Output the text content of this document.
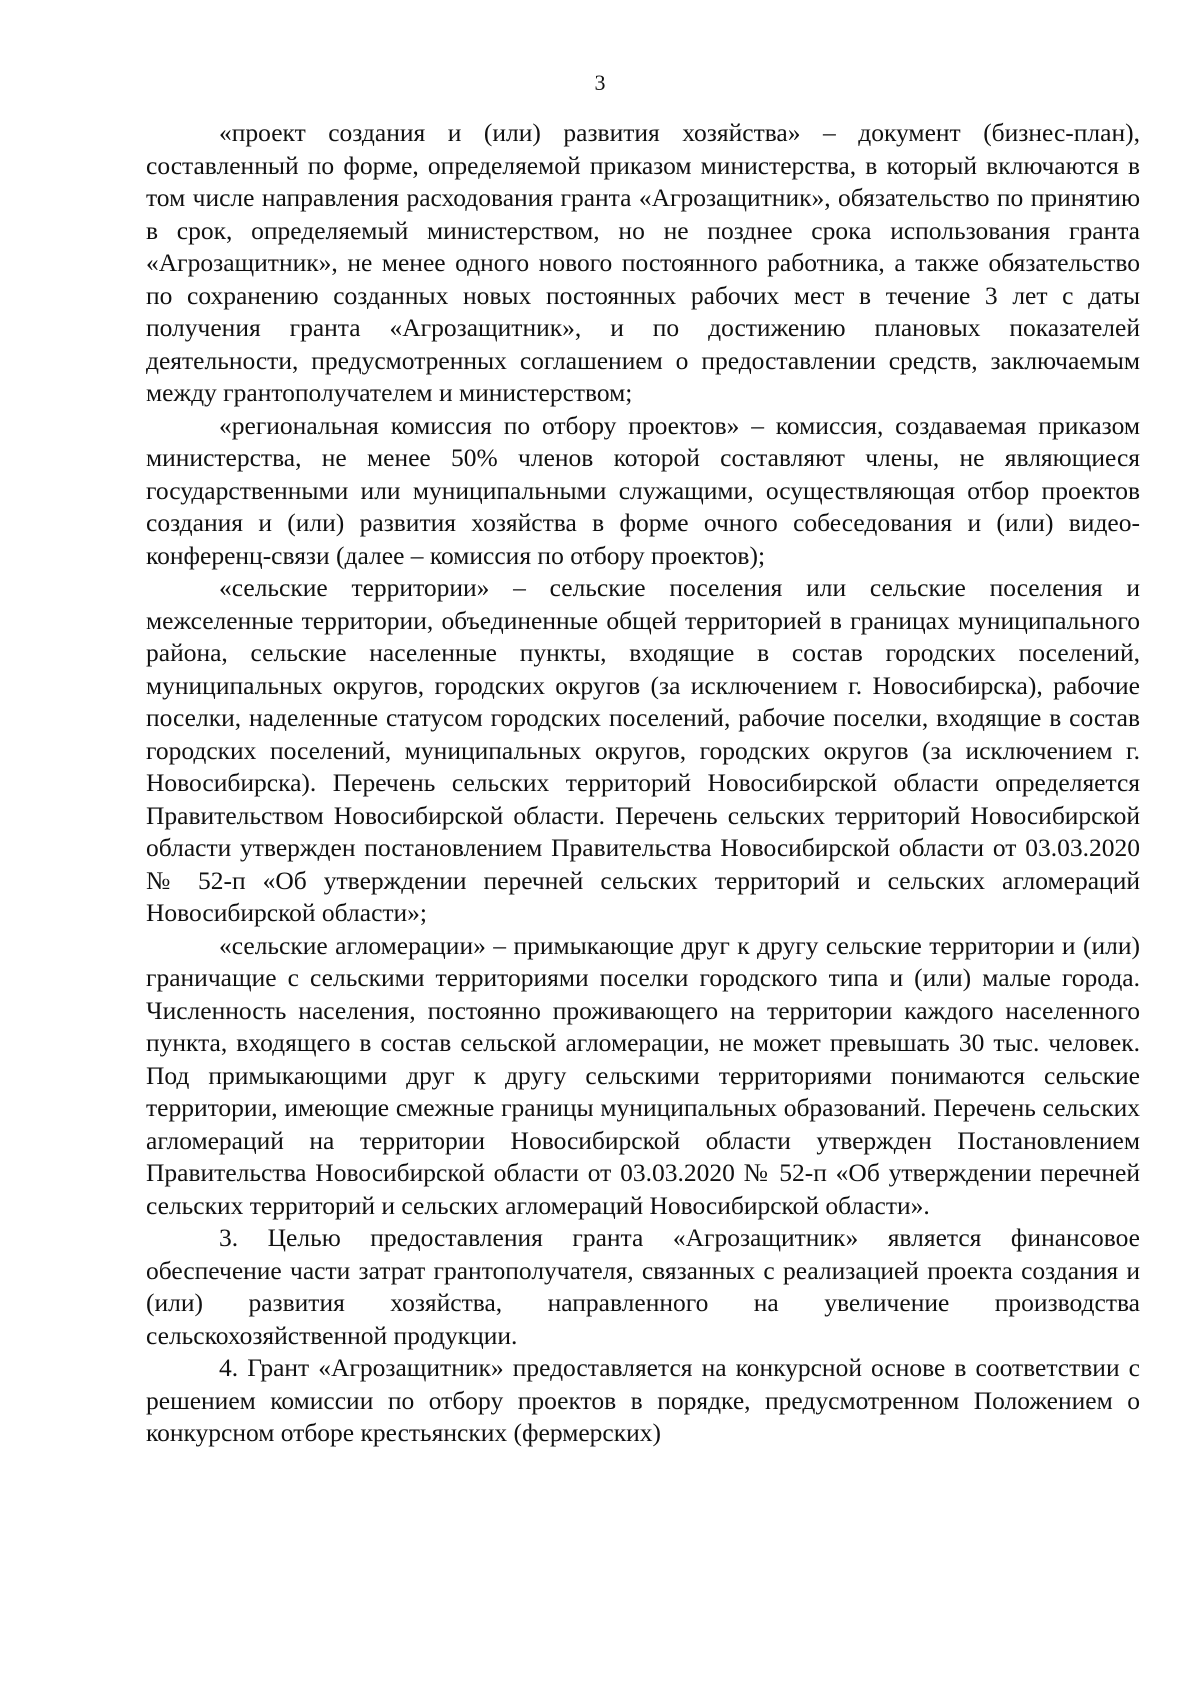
3

«проект создания и (или) развития хозяйства» – документ (бизнес-план), составленный по форме, определяемой приказом министерства, в который включаются в том числе направления расходования гранта «Агрозащитник», обязательство по принятию в срок, определяемый министерством, но не позднее срока использования гранта «Агрозащитник», не менее одного нового постоянного работника, а также обязательство по сохранению созданных новых постоянных рабочих мест в течение 3 лет с даты получения гранта «Агрозащитник», и по достижению плановых показателей деятельности, предусмотренных соглашением о предоставлении средств, заключаемым между грантополучателем и министерством;

«региональная комиссия по отбору проектов» – комиссия, создаваемая приказом министерства, не менее 50% членов которой составляют члены, не являющиеся государственными или муниципальными служащими, осуществляющая отбор проектов создания и (или) развития хозяйства в форме очного собеседования и (или) видео-конференц-связи (далее – комиссия по отбору проектов);

«сельские территории» – сельские поселения или сельские поселения и межселенные территории, объединенные общей территорией в границах муниципального района, сельские населенные пункты, входящие в состав городских поселений, муниципальных округов, городских округов (за исключением г. Новосибирска), рабочие поселки, наделенные статусом городских поселений, рабочие поселки, входящие в состав городских поселений, муниципальных округов, городских округов (за исключением г. Новосибирска). Перечень сельских территорий Новосибирской области определяется Правительством Новосибирской области. Перечень сельских территорий Новосибирской области утвержден постановлением Правительства Новосибирской области от 03.03.2020 № 52-п «Об утверждении перечней сельских территорий и сельских агломераций Новосибирской области»;

«сельские агломерации» – примыкающие друг к другу сельские территории и (или) граничащие с сельскими территориями поселки городского типа и (или) малые города. Численность населения, постоянно проживающего на территории каждого населенного пункта, входящего в состав сельской агломерации, не может превышать 30 тыс. человек. Под примыкающими друг к другу сельскими территориями понимаются сельские территории, имеющие смежные границы муниципальных образований. Перечень сельских агломераций на территории Новосибирской области утвержден Постановлением Правительства Новосибирской области от 03.03.2020 № 52-п «Об утверждении перечней сельских территорий и сельских агломераций Новосибирской области».

3. Целью предоставления гранта «Агрозащитник» является финансовое обеспечение части затрат грантополучателя, связанных с реализацией проекта создания и (или) развития хозяйства, направленного на увеличение производства сельскохозяйственной продукции.

4. Грант «Агрозащитник» предоставляется на конкурсной основе в соответствии с решением комиссии по отбору проектов в порядке, предусмотренном Положением о конкурсном отборе крестьянских (фермерских)
